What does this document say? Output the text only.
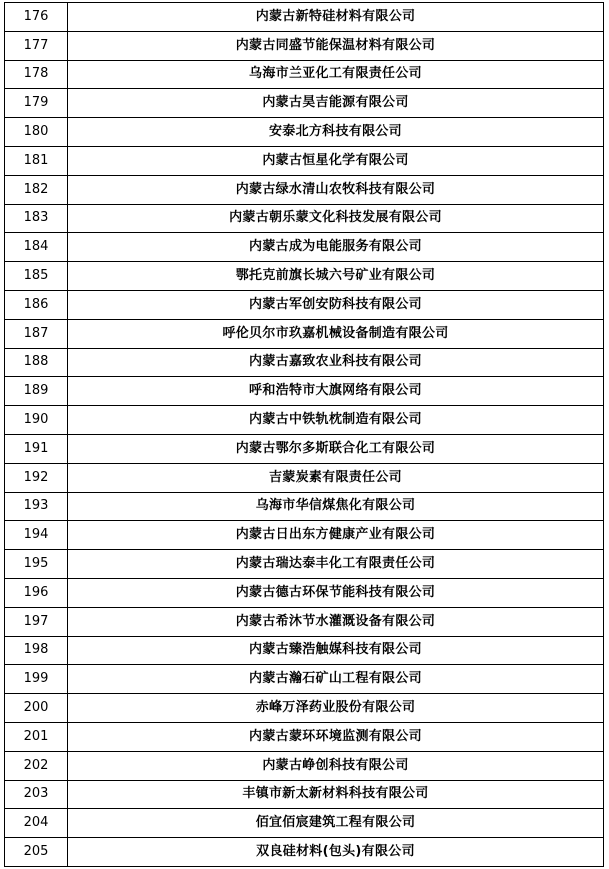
176	内蒙古新特硅材料有限公司
177	内蒙古同盛节能保温材料有限公司
178	乌海市兰亚化工有限责任公司
179	内蒙古昊吉能源有限公司
180	安泰北方科技有限公司
181	内蒙古恒星化学有限公司
182	内蒙古绿水清山农牧科技有限公司
183	内蒙古朝乐蒙文化科技发展有限公司
184	内蒙古成为电能服务有限公司
185	鄂托克前旗长城六号矿业有限公司
186	内蒙古军创安防科技有限公司
187	呼伦贝尔市玖嘉机械设备制造有限公司
188	内蒙古嘉致农业科技有限公司
189	呼和浩特市大旗网络有限公司
190	内蒙古中铁轨枕制造有限公司
191	内蒙古鄂尔多斯联合化工有限公司
192	吉蒙炭素有限责任公司
193	乌海市华信煤焦化有限公司
194	内蒙古日出东方健康产业有限公司
195	内蒙古瑞达泰丰化工有限责任公司
196	内蒙古德古环保节能科技有限公司
197	内蒙古希沐节水灌溉设备有限公司
198	内蒙古臻浩触媒科技有限公司
199	内蒙古瀚石矿山工程有限公司
200	赤峰万泽药业股份有限公司
201	内蒙古蒙环环境监测有限公司
202	内蒙古峥创科技有限公司
203	丰镇市新太新材料科技有限公司
204	佰宜佰宸建筑工程有限公司
205	双良硅材料(包头)有限公司
